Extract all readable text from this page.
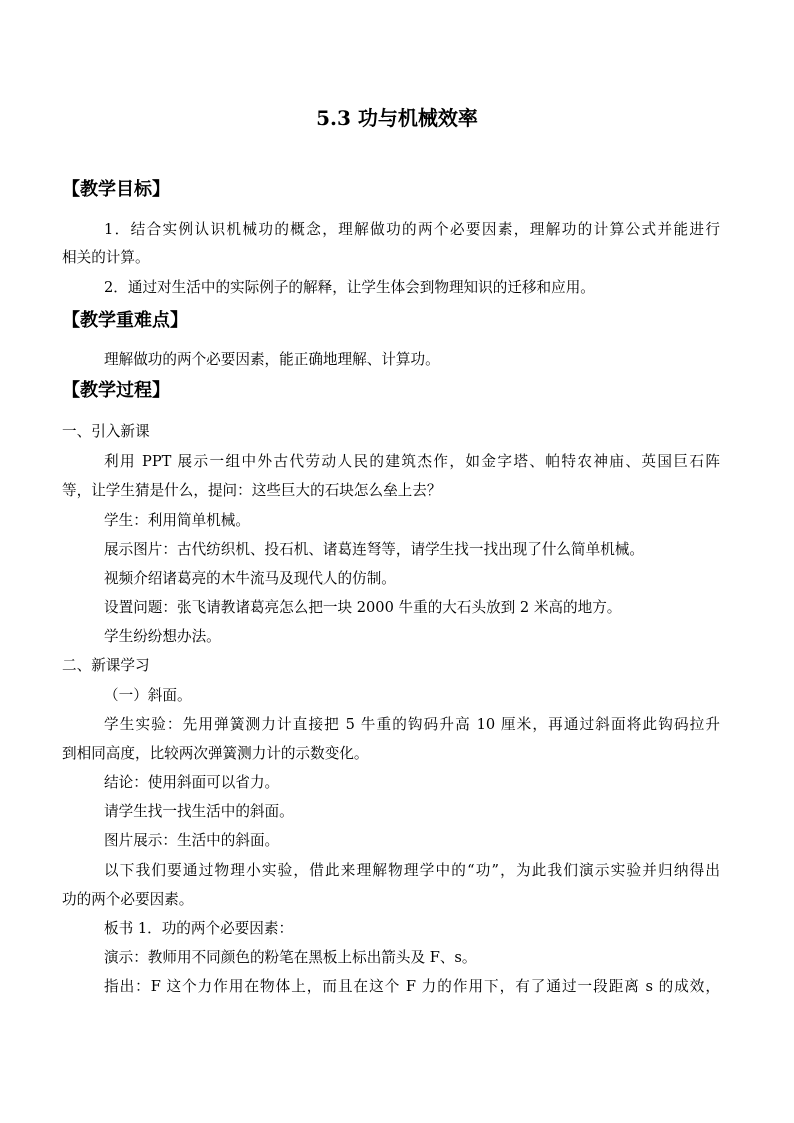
5.3 功与机械效率
【教学目标】
1．结合实例认识机械功的概念，理解做功的两个必要因素，理解功的计算公式并能进行
相关的计算。
2．通过对生活中的实际例子的解释，让学生体会到物理知识的迁移和应用。
【教学重难点】
理解做功的两个必要因素，能正确地理解、计算功。
【教学过程】
一、引入新课
利用 PPT 展示一组中外古代劳动人民的建筑杰作，如金字塔、帕特农神庙、英国巨石阵
等，让学生猜是什么，提问：这些巨大的石块怎么垒上去？
学生：利用简单机械。
展示图片：古代纺织机、投石机、诸葛连弩等，请学生找一找出现了什么简单机械。
视频介绍诸葛亮的木牛流马及现代人的仿制。
设置问题：张飞请教诸葛亮怎么把一块 2000 牛重的大石头放到 2 米高的地方。
学生纷纷想办法。
二、新课学习
（一）斜面。
学生实验：先用弹簧测力计直接把 5 牛重的钩码升高 10 厘米，再通过斜面将此钩码拉升
到相同高度，比较两次弹簧测力计的示数变化。
结论：使用斜面可以省力。
请学生找一找生活中的斜面。
图片展示：生活中的斜面。
以下我们要通过物理小实验，借此来理解物理学中的“功”，为此我们演示实验并归纳得出
功的两个必要因素。
板书 1．功的两个必要因素：
演示：教师用不同颜色的粉笔在黑板上标出箭头及 F、s。
指出：F 这个力作用在物体上，而且在这个 F 力的作用下，有了通过一段距离 s 的成效，
